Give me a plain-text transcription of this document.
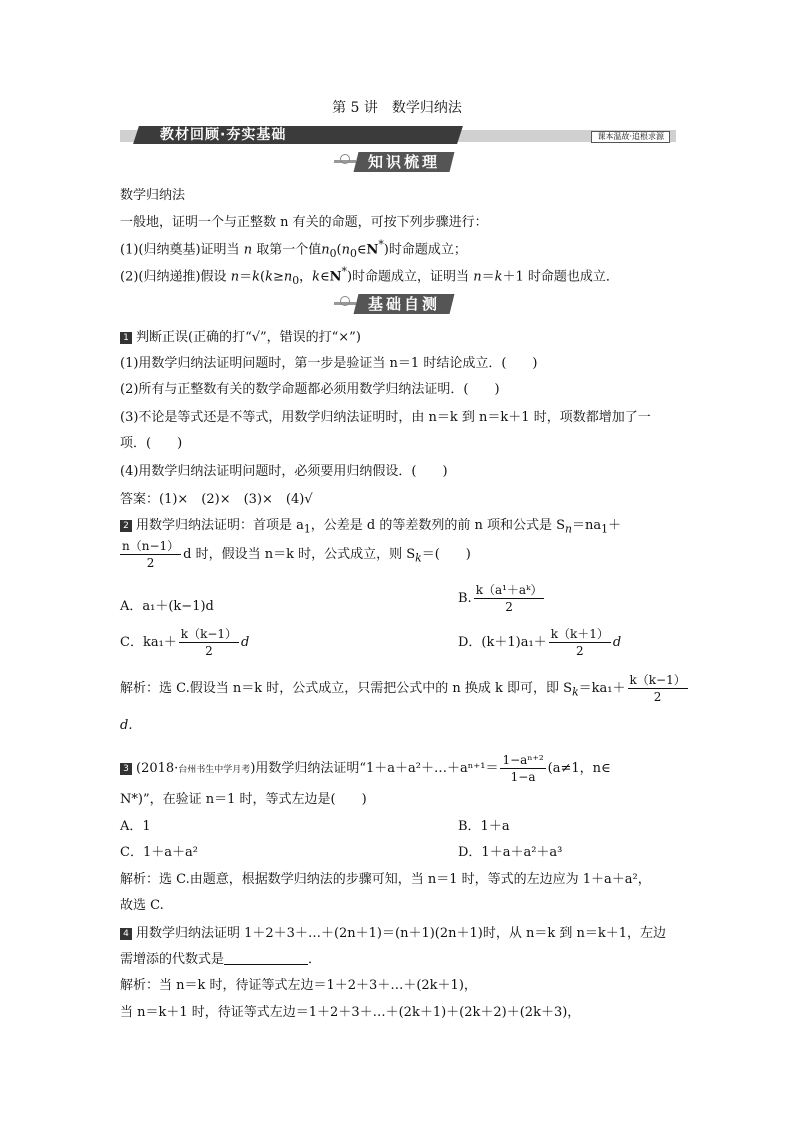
第 5 讲　数学归纳法
教材回顾·夯实基础	课本温故·追根求源
知识梳理
数学归纳法
一般地，证明一个与正整数 n 有关的命题，可按下列步骤进行：
(1)(归纳奠基)证明当 n 取第一个值$n_0(n_0\in N^*)$时命题成立；
(2)(归纳递推)假设 $n=k(k\ge n_0$，k∈N*)时命题成立，证明当 n＝k＋1 时命题也成立．
基础自测
1 判断正误(正确的打“√”，错误的打“×”)
(1)用数学归纳法证明问题时，第一步是验证当 n＝1 时结论成立．(　　)
(2)所有与正整数有关的数学命题都必须用数学归纳法证明．(　　)
(3)不论是等式还是不等式，用数学归纳法证明时，由 n＝k 到 n＝k＋1 时，项数都增加了一
项．(　　)
(4)用数学归纳法证明问题时，必须要用归纳假设．(　　)
答案：(1)×　(2)×　(3)×　(4)√
2 用数学归纳法证明：首项是 $a_1$，公差是 d 的等差数列的前 n 项和公式是 $S_n=na_1+$
$\frac{n(n-1)}{2}$ d 时，假设当 n＝k 时，公式成立，则 $S_k=$(　　)
A．a₁＋(k−1)d
B. $\frac{\text{k（a¹＋aᵏ）}}{2}$
C．$ka_1+ \frac{k(k-1)}{2}$ d	D．$(k+1)a_1+ \frac{k(k+1)}{2}$ d
解析：选 C.假设当 n＝k 时，公式成立，只需把公式中的 n 换成 k 即可，即 $S_k=ka_1+ \frac{k(k-1)}{2}$
d.
3 (2018·台州书生中学月考)用数学归纳法证明“1＋a＋a²＋…＋aⁿ⁺¹＝ $\frac{\text{1−aⁿ⁺²}}{1-a} (a\ne 1$，n∈
N*)”，在验证 n＝1 时，等式左边是(　　)
A．1	B．1＋a
C．1＋a＋a²	D．1＋a＋a²＋a³
解析：选 C.由题意，根据数学归纳法的步骤可知，当 n＝1 时，等式的左边应为 1＋a＋a²，
故选 C.
4 用数学归纳法证明 1＋2＋3＋…＋(2n＋1)＝(n＋1)(2n＋1)时，从 n＝k 到 n＝k＋1，左边
需增添的代数式是	．
解析：当 n＝k 时，待证等式左边＝1＋2＋3＋…＋(2k＋1)，
当 n＝k＋1 时，待证等式左边＝1＋2＋3＋…＋(2k＋1)＋(2k＋2)＋(2k＋3)，
